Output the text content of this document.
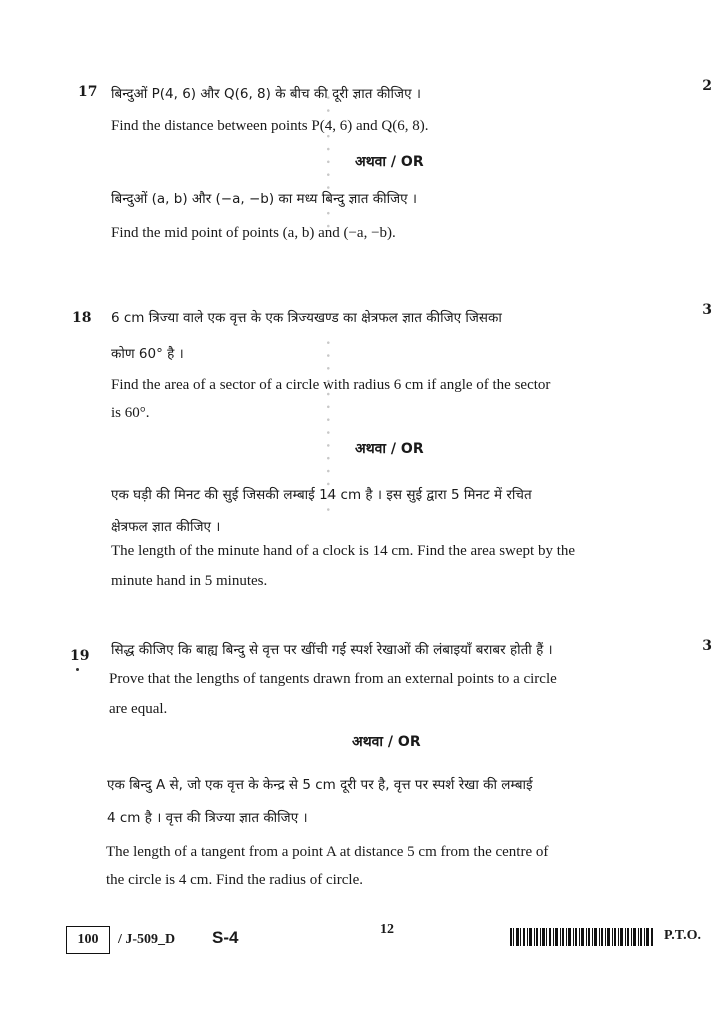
• • • • • • • • • • •
• • • • • • • • • • • • • •
17	2
बिन्दुओं P(4, 6) और Q(6, 8) के बीच की दूरी ज्ञात कीजिए ।
Find the distance between points P(4, 6) and Q(6, 8).
अथवा / OR
बिन्दुओं (a, b) और (−a, −b) का मध्य बिन्दु ज्ञात कीजिए ।
Find the mid point of points (a, b) and (−a, −b).
18	3
6 cm त्रिज्या वाले एक वृत्त के एक त्रिज्यखण्ड का क्षेत्रफल ज्ञात कीजिए जिसका
कोण 60° है ।
Find the area of a sector of a circle with radius 6 cm if angle of the sector
is 60°.
अथवा / OR
एक घड़ी की मिनट की सुई जिसकी लम्बाई 14 cm है । इस सुई द्वारा 5 मिनट में रचित
क्षेत्रफल ज्ञात कीजिए ।
The length of the minute hand of a clock is 14 cm. Find the area swept by the
minute hand in 5 minutes.
19
3
सिद्ध कीजिए कि बाह्य बिन्दु से वृत्त पर खींची गई स्पर्श रेखाओं की लंबाइयाँ बराबर होती हैं ।
Prove that the lengths of tangents drawn from an external points to a circle
are equal.
अथवा / OR
एक बिन्दु A से, जो एक वृत्त के केन्द्र से 5 cm दूरी पर है, वृत्त पर स्पर्श रेखा की लम्बाई
4 cm है । वृत्त की त्रिज्या ज्ञात कीजिए ।
The length of a tangent from a point A at distance 5 cm from the centre of
the circle is 4 cm. Find the radius of circle.
100	/ J-509_D S-4	12	P.T.O.
